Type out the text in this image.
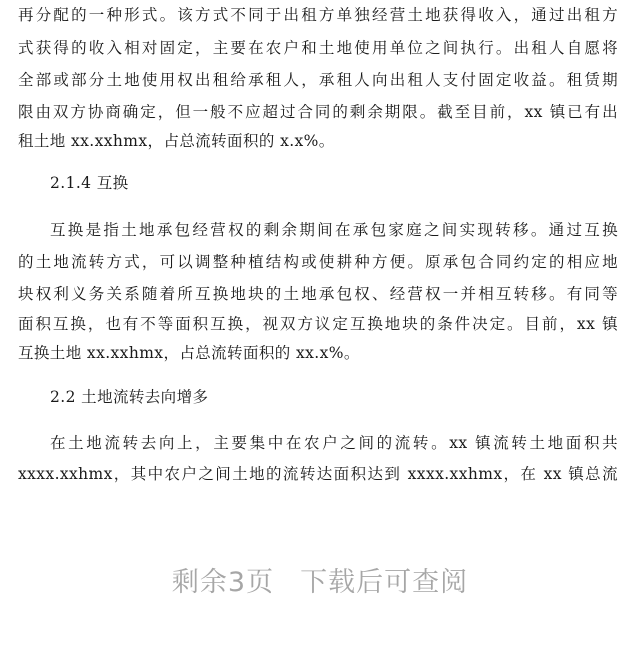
再分配的一种形式。该方式不同于出租方单独经营土地获得收入，通过出租方
式获得的收入相对固定，主要在农户和土地使用单位之间执行。出租人自愿将
全部或部分土地使用权出租给承租人，承租人向出租人支付固定收益。租赁期
限由双方协商确定，但一般不应超过合同的剩余期限。截至目前，xx 镇已有出
租土地 xx.xxhmx，占总流转面积的 x.x%。
2.1.4 互换
互换是指土地承包经营权的剩余期间在承包家庭之间实现转移。通过互换
的土地流转方式，可以调整种植结构或使耕种方便。原承包合同约定的相应地
块权利义务关系随着所互换地块的土地承包权、经营权一并相互转移。有同等
面积互换，也有不等面积互换，视双方议定互换地块的条件决定。目前，xx 镇
互换土地 xx.xxhmx，占总流转面积的 xx.x%。
2.2 土地流转去向增多
在土地流转去向上，主要集中在农户之间的流转。xx 镇流转土地面积共
xxxx.xxhmx，其中农户之间土地的流转达面积达到 xxxx.xxhmx，在 xx 镇总流
剩余3页 下载后可查阅
